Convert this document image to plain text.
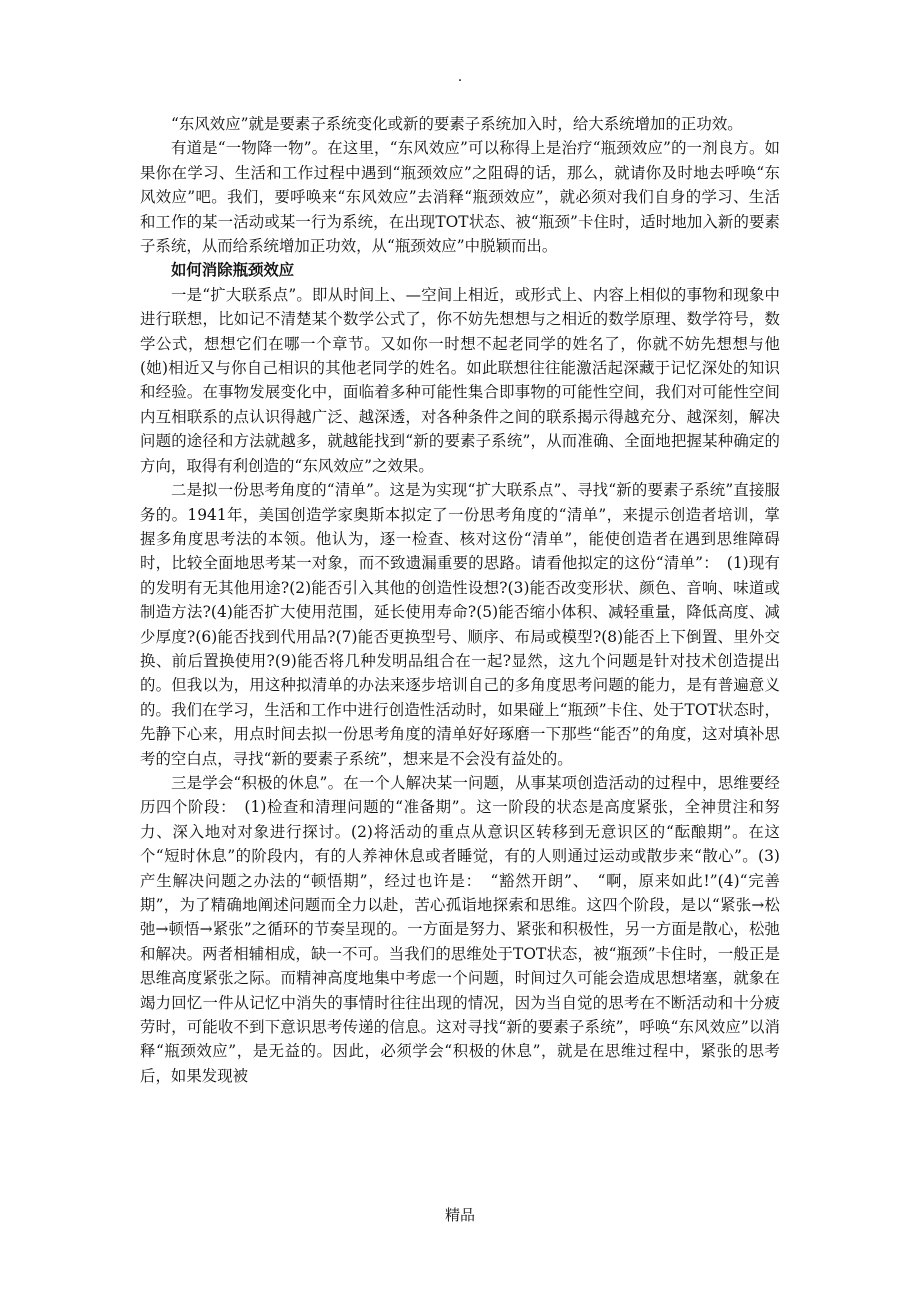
.

“东风效应”就是要素子系统变化或新的要素子系统加入时，给大系统增加的正功效。

有道是“一物降一物”。在这里，“东风效应”可以称得上是治疗“瓶颈效应”的一剂良方。如果你在学习、生活和工作过程中遇到“瓶颈效应”之阻碍的话，那么，就请你及时地去呼唤“东风效应”吧。我们，要呼唤来“东风效应”去消释“瓶颈效应”，就必须对我们自身的学习、生活和工作的某一活动或某一行为系统，在出现TOT状态、被“瓶颈”卡住时，适时地加入新的要素子系统，从而给系统增加正功效，从“瓶颈效应”中脱颖而出。

如何消除瓶颈效应

一是“扩大联系点”。即从时间上、—空间上相近，或形式上、内容上相似的事物和现象中进行联想，比如记不清楚某个数学公式了，你不妨先想想与之相近的数学原理、数学符号，数学公式，想想它们在哪一个章节。又如你一时想不起老同学的姓名了，你就不妨先想想与他(她)相近又与你自己相识的其他老同学的姓名。如此联想往往能激活起深藏于记忆深处的知识和经验。在事物发展变化中，面临着多种可能性集合即事物的可能性空间，我们对可能性空间内互相联系的点认识得越广泛、越深透，对各种条件之间的联系揭示得越充分、越深刻，解决问题的途径和方法就越多，就越能找到“新的要素子系统”，从而准确、全面地把握某种确定的方向，取得有利创造的“东风效应”之效果。

二是拟一份思考角度的“清单”。这是为实现“扩大联系点”、寻找“新的要素子系统”直接服务的。1941年，美国创造学家奥斯本拟定了一份思考角度的“清单”，来提示创造者培训，掌握多角度思考法的本领。他认为，逐一检查、核对这份“清单”，能使创造者在遇到思维障碍时，比较全面地思考某一对象，而不致遗漏重要的思路。请看他拟定的这份“清单”：　(1)现有的发明有无其他用途?(2)能否引入其他的创造性设想?(3)能否改变形状、颜色、音响、味道或制造方法?(4)能否扩大使用范围，延长使用寿命?(5)能否缩小体积、减轻重量，降低高度、减少厚度?(6)能否找到代用品?(7)能否更换型号、顺序、布局或模型?(8)能否上下倒置、里外交换、前后置换使用?(9)能否将几种发明品组合在一起?显然，这九个问题是针对技术创造提出的。但我以为，用这种拟清单的办法来逐步培训自己的多角度思考问题的能力，是有普遍意义的。我们在学习，生活和工作中进行创造性活动时，如果碰上“瓶颈”卡住、处于TOT状态时，先静下心来，用点时间去拟一份思考角度的清单好好琢磨一下那些“能否”的角度，这对填补思考的空白点，寻找“新的要素子系统”，想来是不会没有益处的。

三是学会“积极的休息”。在一个人解决某一问题，从事某项创造活动的过程中，思维要经历四个阶段：　(1)检查和清理问题的“准备期”。这一阶段的状态是高度紧张，全神贯注和努力、深入地对对象进行探讨。(2)将活动的重点从意识区转移到无意识区的“酝酿期”。在这个“短时休息”的阶段内，有的人养神休息或者睡觉，有的人则通过运动或散步来“散心”。(3)产生解决问题之办法的“顿悟期”，经过也许是：　“豁然开朗”、　“啊，原来如此!”(4)“完善期”，为了精确地阐述问题而全力以赴，苦心孤诣地探索和思维。这四个阶段，是以“紧张→松弛→顿悟→紧张”之循环的节奏呈现的。一方面是努力、紧张和积极性，另一方面是散心，松弛和解决。两者相辅相成，缺一不可。当我们的思维处于TOT状态，被“瓶颈”卡住时，一般正是思维高度紧张之际。而精神高度地集中考虑一个问题，时间过久可能会造成思想堵塞，就象在竭力回忆一件从记忆中消失的事情时往往出现的情况，因为当自觉的思考在不断活动和十分疲劳时，可能收不到下意识思考传递的信息。这对寻找“新的要素子系统”，呼唤“东风效应”以消释“瓶颈效应”，是无益的。因此，必须学会“积极的休息”，就是在思维过程中，紧张的思考后，如果发现被

精品
